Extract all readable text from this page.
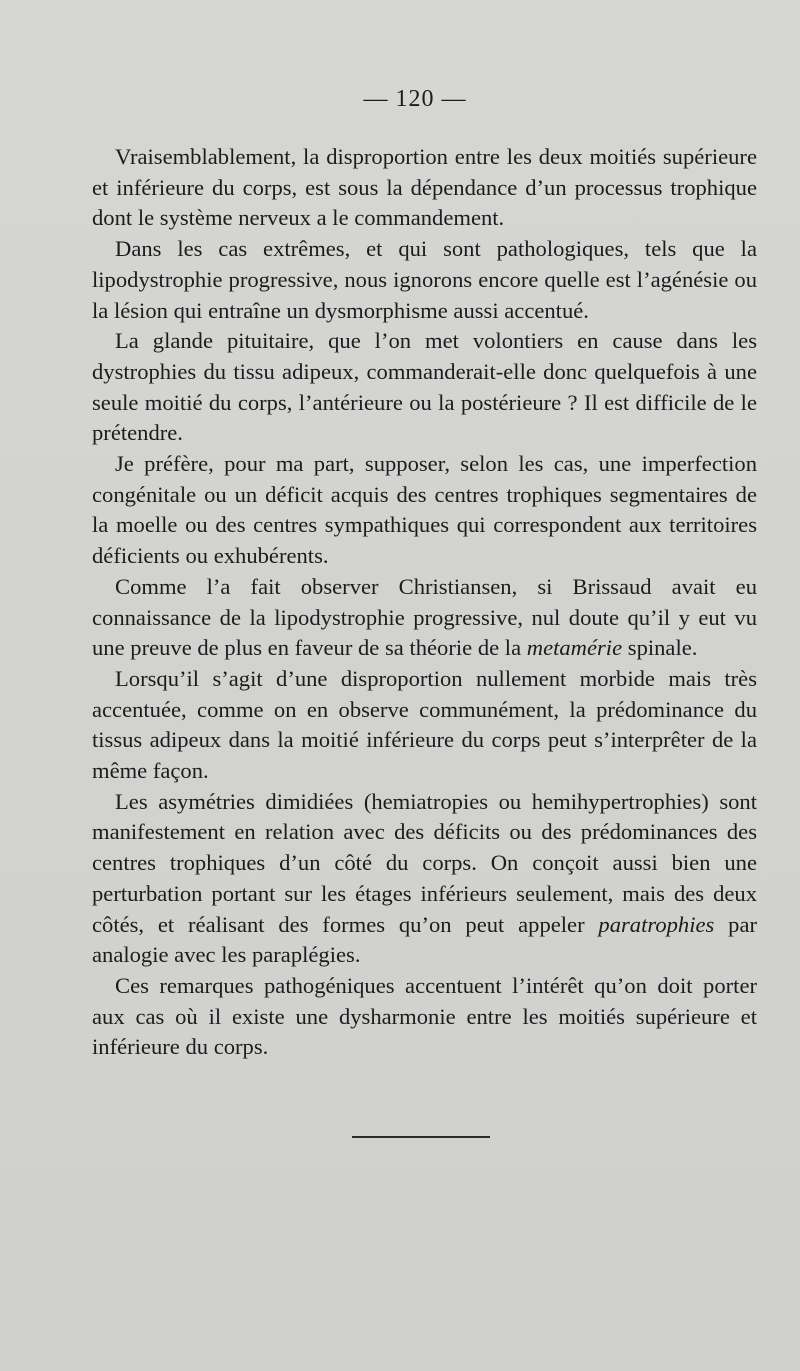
— 120 —

Vraisemblablement, la disproportion entre les deux moitiés supérieure et inférieure du corps, est sous la dépendance d’un processus trophique dont le système nerveux a le commandement.

Dans les cas extrêmes, et qui sont pathologiques, tels que la lipodystrophie progressive, nous ignorons encore quelle est l’agénésie ou la lésion qui entraîne un dysmorphisme aussi accentué.

La glande pituitaire, que l’on met volontiers en cause dans les dystrophies du tissu adipeux, commanderait-elle donc quelquefois à une seule moitié du corps, l’antérieure ou la postérieure ? Il est difficile de le prétendre.

Je préfère, pour ma part, supposer, selon les cas, une imperfection congénitale ou un déficit acquis des centres trophiques segmentaires de la moelle ou des centres sympathiques qui correspondent aux territoires déficients ou exhubérents.

Comme l’a fait observer Christiansen, si Brissaud avait eu connaissance de la lipodystrophie progressive, nul doute qu’il y eut vu une preuve de plus en faveur de sa théorie de la metamérie spinale.

Lorsqu’il s’agit d’une disproportion nullement morbide mais très accentuée, comme on en observe communément, la prédominance du tissus adipeux dans la moitié inférieure du corps peut s’interprêter de la même façon.

Les asymétries dimidiées (hemiatropies ou hemihypertrophies) sont manifestement en relation avec des déficits ou des prédominances des centres trophiques d’un côté du corps. On conçoit aussi bien une perturbation portant sur les étages inférieurs seulement, mais des deux côtés, et réalisant des formes qu’on peut appeler paratrophies par analogie avec les paraplégies.

Ces remarques pathogéniques accentuent l’intérêt qu’on doit porter aux cas où il existe une dysharmonie entre les moitiés supérieure et inférieure du corps.
